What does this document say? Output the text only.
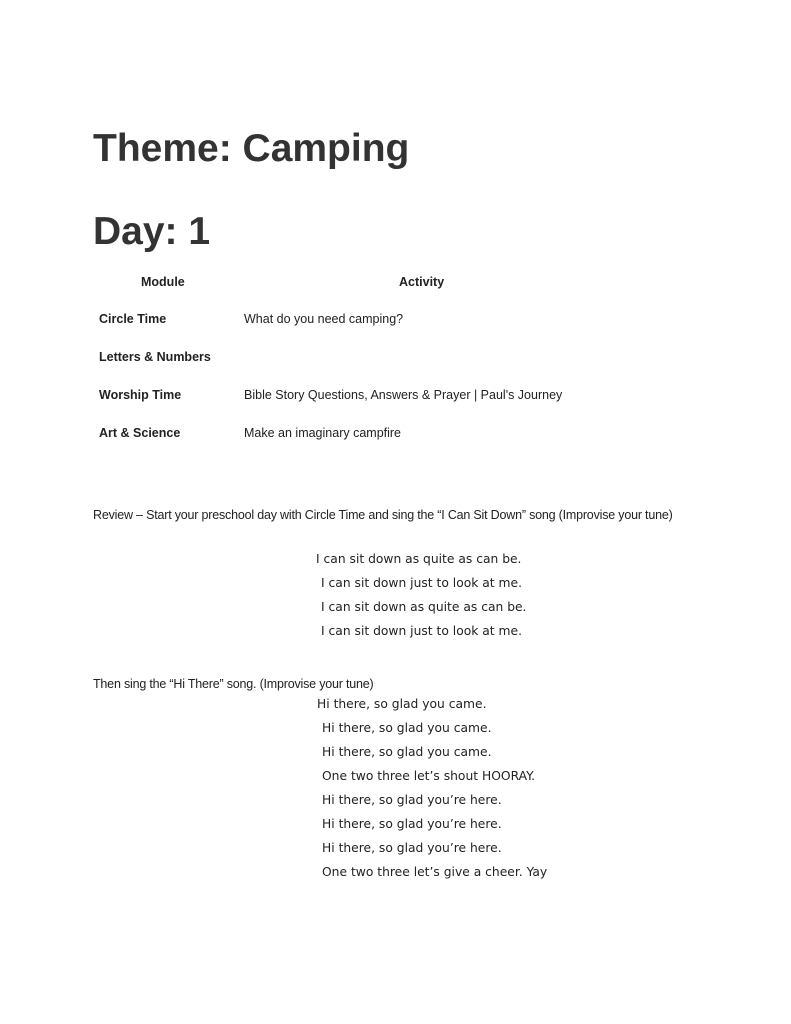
Theme: Camping
Day: 1
Module	Activity
Circle Time	What do you need camping?
Letters & Numbers
Worship Time	Bible Story Questions, Answers & Prayer | Paul's Journey
Art & Science	Make an imaginary campfire

Review – Start your preschool day with Circle Time and sing the “I Can Sit Down” song (Improvise your tune)

I can sit down as quite as can be.
I can sit down just to look at me.
I can sit down as quite as can be.
I can sit down just to look at me.

Then sing the “Hi There” song. (Improvise your tune)

Hi there, so glad you came.
Hi there, so glad you came.
Hi there, so glad you came.
One two three let’s shout HOORAY.
Hi there, so glad you’re here.
Hi there, so glad you’re here.
Hi there, so glad you’re here.
One two three let’s give a cheer. Yay
